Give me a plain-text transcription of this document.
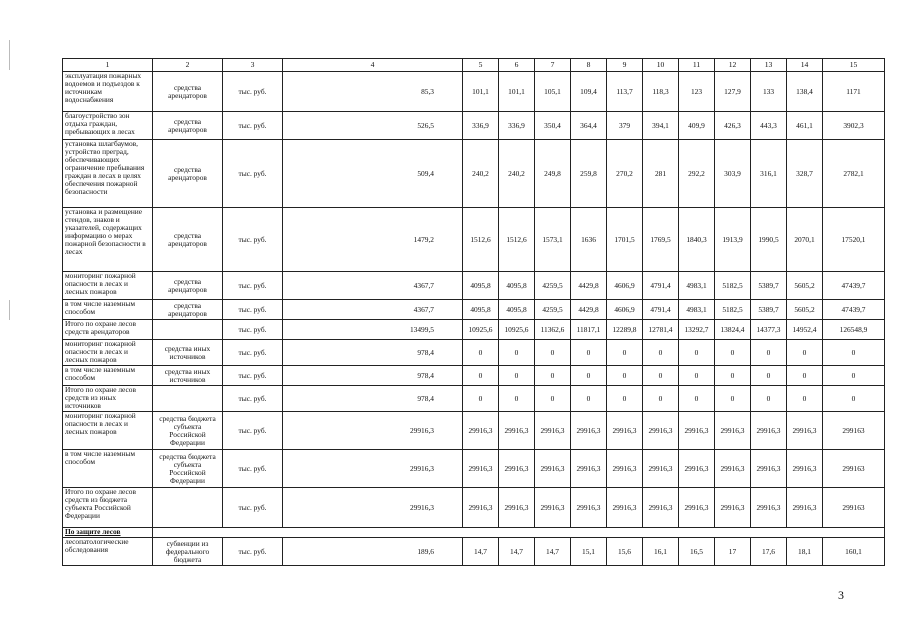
1	2	3	4	5	6	7	8	9	10	11	12	13	14	15
эксплуатация пожарных водоемов и подъездов к источникам водоснабжения	средства арендаторов	тыс. руб.	85,3	101,1	101,1	105,1	109,4	113,7	118,3	123	127,9	133	138,4	1171
благоустройство зон отдыха граждан, пребывающих в лесах	средства арендаторов	тыс. руб.	526,5	336,9	336,9	350,4	364,4	379	394,1	409,9	426,3	443,3	461,1	3902,3
установка шлагбаумов, устройство преград, обеспечивающих ограничение пребывания граждан в лесах в целях обеспечения пожарной безопасности	средства арендаторов	тыс. руб.	509,4	240,2	240,2	249,8	259,8	270,2	281	292,2	303,9	316,1	328,7	2782,1
установка и размещение стендов, знаков и указателей, содержащих информацию о мерах пожарной безопасности в лесах	средства арендаторов	тыс. руб.	1479,2	1512,6	1512,6	1573,1	1636	1701,5	1769,5	1840,3	1913,9	1990,5	2070,1	17520,1
мониторинг пожарной опасности в лесах и лесных пожаров	средства арендаторов	тыс. руб.	4367,7	4095,8	4095,8	4259,5	4429,8	4606,9	4791,4	4983,1	5182,5	5389,7	5605,2	47439,7
в том числе наземным способом	средства арендаторов	тыс. руб.	4367,7	4095,8	4095,8	4259,5	4429,8	4606,9	4791,4	4983,1	5182,5	5389,7	5605,2	47439,7
Итого по охране лесов средств арендаторов		тыс. руб.	13499,5	10925,6	10925,6	11362,6	11817,1	12289,8	12781,4	13292,7	13824,4	14377,3	14952,4	126548,9
мониторинг пожарной опасности в лесах и лесных пожаров	средства иных источников	тыс. руб.	978,4	0	0	0	0	0	0	0	0	0	0	0
в том числе наземным способом	средства иных источников	тыс. руб.	978,4	0	0	0	0	0	0	0	0	0	0	0
Итого по охране лесов средств из иных источников		тыс. руб.	978,4	0	0	0	0	0	0	0	0	0	0	0
мониторинг пожарной опасности в лесах и лесных пожаров	средства бюджета субъекта Российской Федерации	тыс. руб.	29916,3	29916,3	29916,3	29916,3	29916,3	29916,3	29916,3	29916,3	29916,3	29916,3	29916,3	299163
в том числе наземным способом	средства бюджета субъекта Российской Федерации	тыс. руб.	29916,3	29916,3	29916,3	29916,3	29916,3	29916,3	29916,3	29916,3	29916,3	29916,3	29916,3	299163
Итого по охране лесов средств из бюджета субъекта Российской Федерации		тыс. руб.	29916,3	29916,3	29916,3	29916,3	29916,3	29916,3	29916,3	29916,3	29916,3	29916,3	29916,3	299163
По защите лесов														
лесопатологические обследования	субвенции из федерального бюджета	тыс. руб.	189,6	14,7	14,7	14,7	15,1	15,6	16,1	16,5	17	17,6	18,1	160,1
3
